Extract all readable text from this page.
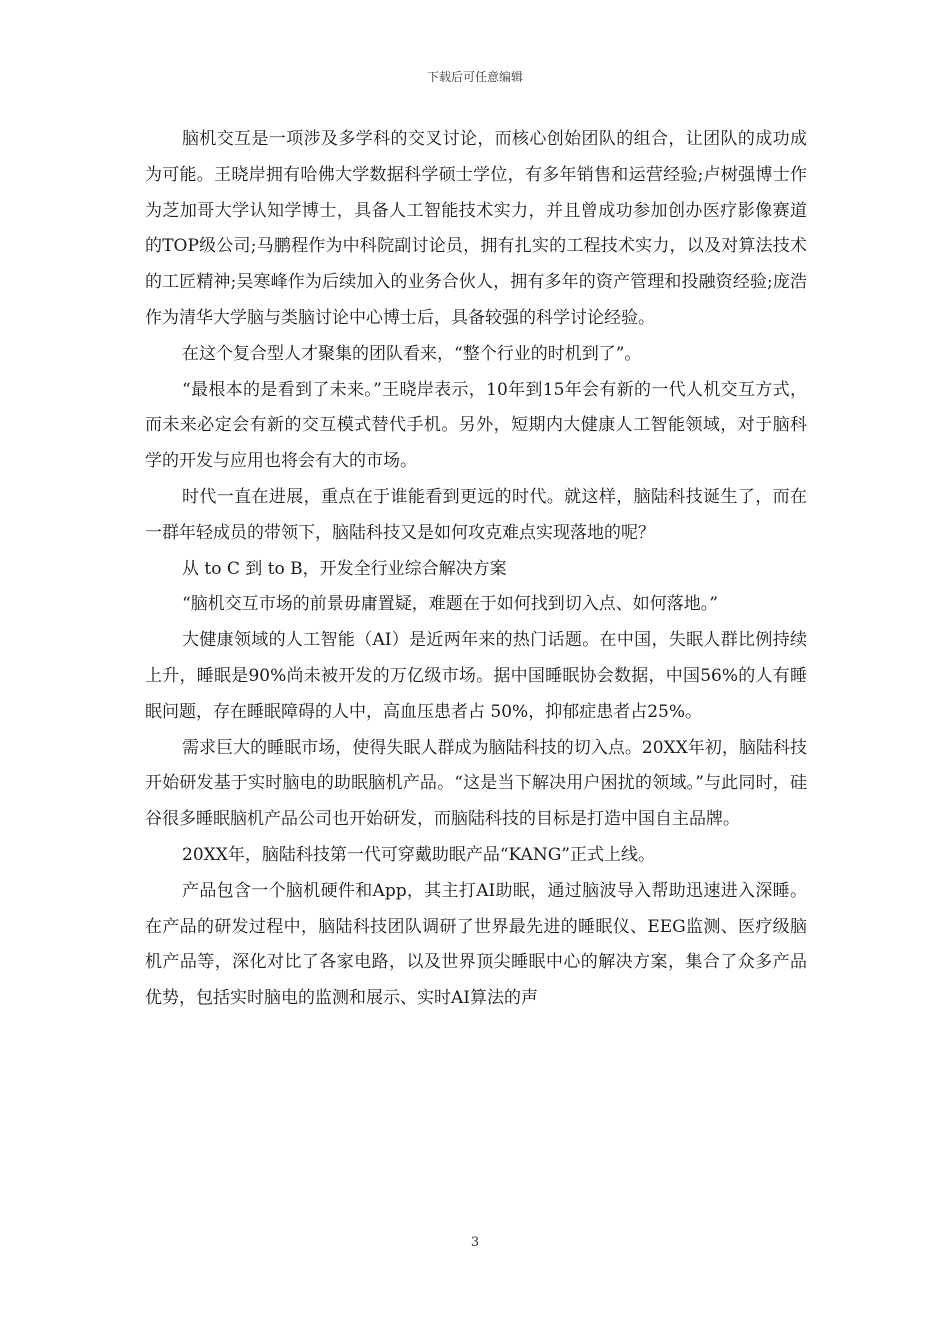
下载后可任意编辑

脑机交互是一项涉及多学科的交叉讨论，而核心创始团队的组合，让团队的成功成为可能。王晓岸拥有哈佛大学数据科学硕士学位，有多年销售和运营经验;卢树强博士作为芝加哥大学认知学博士，具备人工智能技术实力，并且曾成功参加创办医疗影像赛道的TOP级公司;马鹏程作为中科院副讨论员，拥有扎实的工程技术实力，以及对算法技术的工匠精神;吴寒峰作为后续加入的业务合伙人，拥有多年的资产管理和投融资经验;庞浩作为清华大学脑与类脑讨论中心博士后，具备较强的科学讨论经验。

在这个复合型人才聚集的团队看来，“整个行业的时机到了”。

“最根本的是看到了未来。”王晓岸表示，10年到15年会有新的一代人机交互方式，而未来必定会有新的交互模式替代手机。另外，短期内大健康人工智能领域，对于脑科学的开发与应用也将会有大的市场。

时代一直在进展，重点在于谁能看到更远的时代。就这样，脑陆科技诞生了，而在一群年轻成员的带领下，脑陆科技又是如何攻克难点实现落地的呢？

从 to C 到 to B，开发全行业综合解决方案

“脑机交互市场的前景毋庸置疑，难题在于如何找到切入点、如何落地。”

大健康领域的人工智能（AI）是近两年来的热门话题。在中国，失眠人群比例持续上升，睡眠是90%尚未被开发的万亿级市场。据中国睡眠协会数据，中国56%的人有睡眠问题，存在睡眠障碍的人中，高血压患者占 50%，抑郁症患者占25%。

需求巨大的睡眠市场，使得失眠人群成为脑陆科技的切入点。20XX年初，脑陆科技开始研发基于实时脑电的助眠脑机产品。“这是当下解决用户困扰的领域。”与此同时，硅谷很多睡眠脑机产品公司也开始研发，而脑陆科技的目标是打造中国自主品牌。

20XX年，脑陆科技第一代可穿戴助眠产品“KANG”正式上线。

产品包含一个脑机硬件和App，其主打AI助眠，通过脑波导入帮助迅速进入深睡。在产品的研发过程中，脑陆科技团队调研了世界最先进的睡眠仪、EEG监测、医疗级脑机产品等，深化对比了各家电路，以及世界顶尖睡眠中心的解决方案，集合了众多产品优势，包括实时脑电的监测和展示、实时AI算法的声

3
